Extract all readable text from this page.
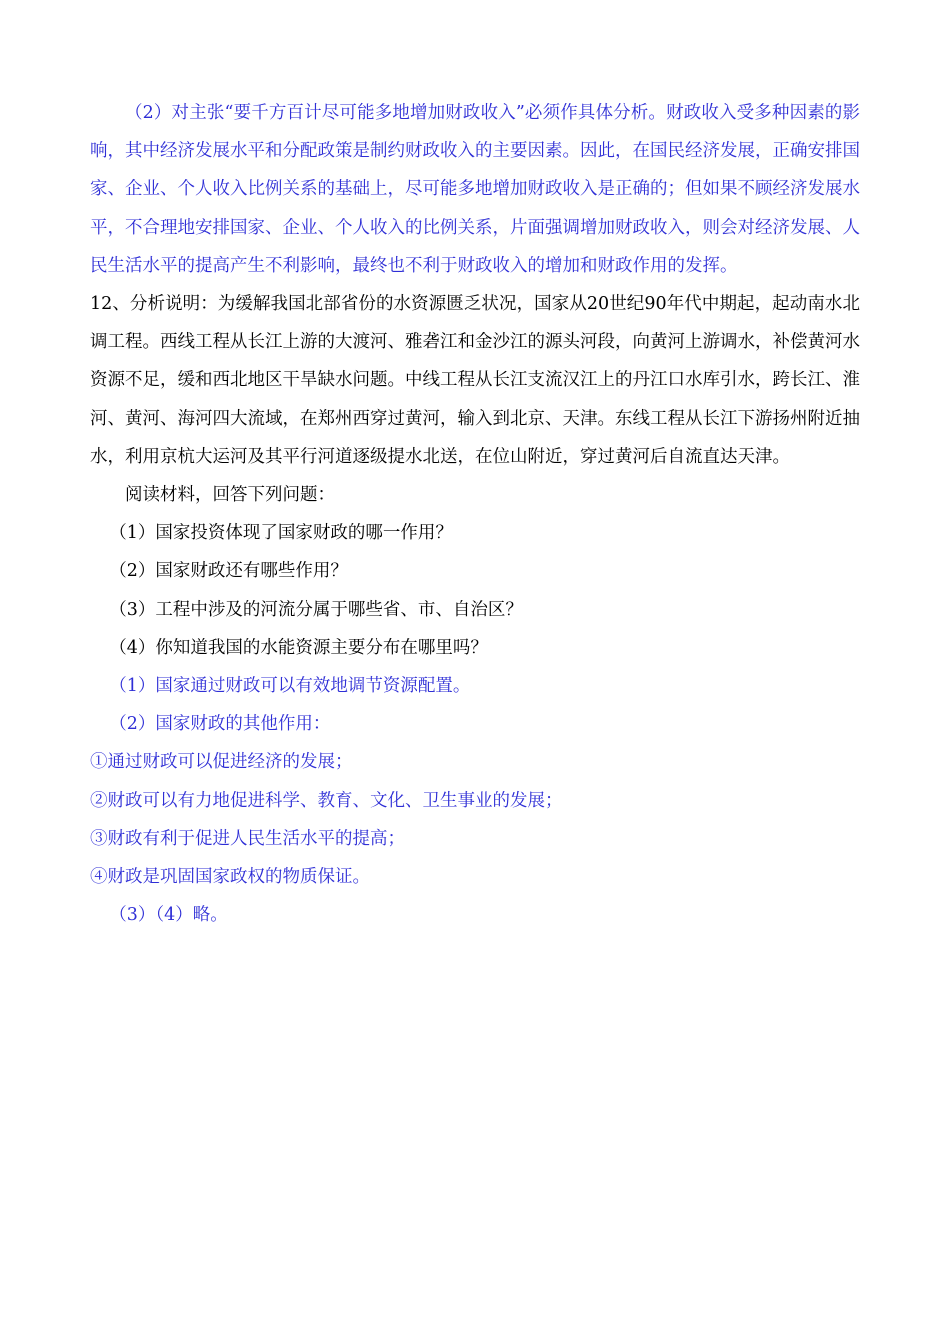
（2）对主张“要千方百计尽可能多地增加财政收入”必须作具体分析。财政收入受多种因素的影响，其中经济发展水平和分配政策是制约财政收入的主要因素。因此，在国民经济发展，正确安排国家、企业、个人收入比例关系的基础上，尽可能多地增加财政收入是正确的；但如果不顾经济发展水平，不合理地安排国家、企业、个人收入的比例关系，片面强调增加财政收入，则会对经济发展、人民生活水平的提高产生不利影响，最终也不利于财政收入的增加和财政作用的发挥。

12、分析说明：为缓解我国北部省份的水资源匮乏状况，国家从20世纪90年代中期起，起动南水北调工程。西线工程从长江上游的大渡河、雅砻江和金沙江的源头河段，向黄河上游调水，补偿黄河水资源不足，缓和西北地区干旱缺水问题。中线工程从长江支流汉江上的丹江口水库引水，跨长江、淮河、黄河、海河四大流域，在郑州西穿过黄河，输入到北京、天津。东线工程从长江下游扬州附近抽水，利用京杭大运河及其平行河道逐级提水北送，在位山附近，穿过黄河后自流直达天津。

阅读材料，回答下列问题：

（1）国家投资体现了国家财政的哪一作用？

（2）国家财政还有哪些作用？

（3）工程中涉及的河流分属于哪些省、市、自治区？

（4）你知道我国的水能资源主要分布在哪里吗？

（1）国家通过财政可以有效地调节资源配置。

（2）国家财政的其他作用：

①通过财政可以促进经济的发展；

②财政可以有力地促进科学、教育、文化、卫生事业的发展；

③财政有利于促进人民生活水平的提高；

④财政是巩固国家政权的物质保证。

（3）（4）略。
